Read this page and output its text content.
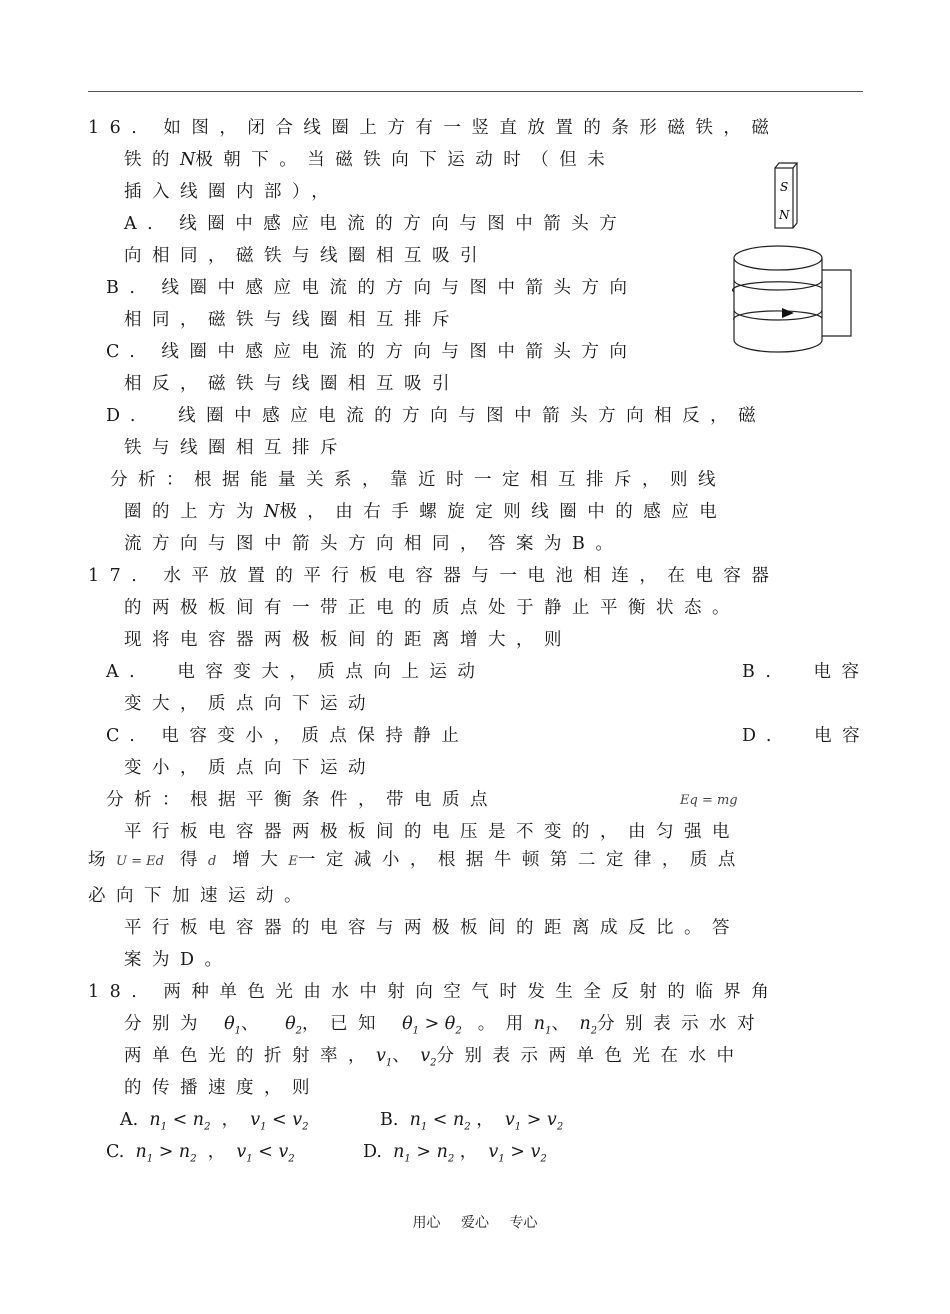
16. 如图，闭合线圈上方有一竖直放置的条形磁铁，磁
铁的N极朝下。当磁铁向下运动时（但未
插入线圈内部），
A. 线圈中感应电流的方向与图中箭头方
向相同，磁铁与线圈相互吸引
B. 线圈中感应电流的方向与图中箭头方向
相同，磁铁与线圈相互排斥
C. 线圈中感应电流的方向与图中箭头方向
相反，磁铁与线圈相互吸引
D.  线圈中感应电流的方向与图中箭头方向相反，磁
铁与线圈相互排斥
分析：根据能量关系，靠近时一定相互排斥，则线
圈的上方为N极，由右手螺旋定则线圈中的感应电
流方向与图中箭头方向相同，答案为B。
S
N
17. 水平放置的平行板电容器与一电池相连，在电容器
的两极板间有一带正电的质点处于静止平衡状态。
现将电容器两极板间的距离增大，则
A.  电容变大，质点向上运动	B.  电容
变大，质点向下运动
C. 电容变小，质点保持静止	D.  电容
变小，质点向下运动
分析：根据平衡条件，带电质点	Eq = mg
平行板电容器两极板间的电压是不变的，由匀强电
场U = Ed 得d 增大E一定减小，根据牛顿第二定律，质点
必向下加速运动。
平行板电容器的电容与两极板间的距离成反比。答
案为D。
18. 两种单色光由水中射向空气时发生全反射的临界角
分别为 $\theta_1$、 $\theta_2$，已知 $\theta_1 > \theta_2$ 。用$n_1$、$n_2$分别表示水对
两单色光的折射率，$v_1$、$v_2$分别表示两单色光在水中
的传播速度，则
A. $n_1 < n_2$  ，  $v_1 < v_2$	B. $n_1 < n_2$ ，  $v_1 > v_2$
C. $n_1 > n_2$  ，  $v_1 < v_2$	D. $n_1 > n_2$ ，  $v_1 > v_2$
用心 爱心 专心
